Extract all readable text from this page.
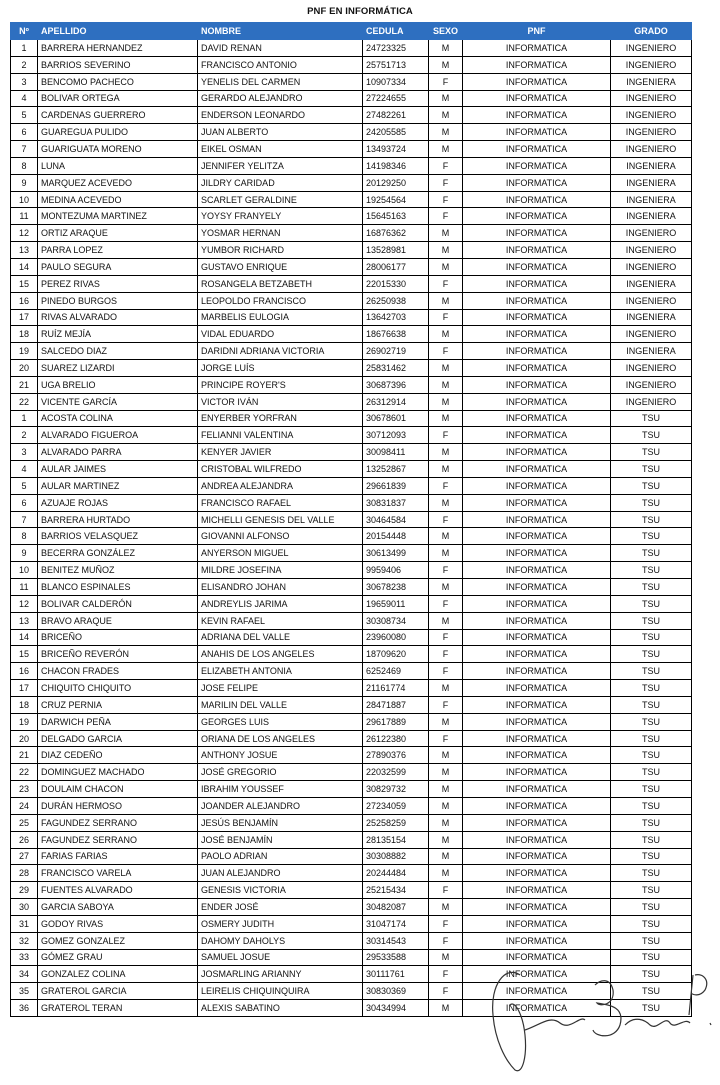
PNF EN INFORMÁTICA
Nº	APELLIDO	NOMBRE	CEDULA	SEXO	PNF	GRADO
1	BARRERA HERNANDEZ	DAVID RENAN	24723325	M	INFORMATICA	INGENIERO
2	BARRIOS SEVERINO	FRANCISCO ANTONIO	25751713	M	INFORMATICA	INGENIERO
3	BENCOMO PACHECO	YENELIS DEL CARMEN	10907334	F	INFORMATICA	INGENIERA
4	BOLIVAR ORTEGA	GERARDO ALEJANDRO	27224655	M	INFORMATICA	INGENIERO
5	CARDENAS GUERRERO	ENDERSON LEONARDO	27482261	M	INFORMATICA	INGENIERO
6	GUAREGUA PULIDO	JUAN ALBERTO	24205585	M	INFORMATICA	INGENIERO
7	GUARIGUATA MORENO	EIKEL OSMAN	13493724	M	INFORMATICA	INGENIERO
8	LUNA	JENNIFER YELITZA	14198346	F	INFORMATICA	INGENIERA
9	MARQUEZ ACEVEDO	JILDRY CARIDAD	20129250	F	INFORMATICA	INGENIERA
10	MEDINA ACEVEDO	SCARLET GERALDINE	19254564	F	INFORMATICA	INGENIERA
11	MONTEZUMA MARTINEZ	YOYSY FRANYELY	15645163	F	INFORMATICA	INGENIERA
12	ORTIZ ARAQUE	YOSMAR HERNAN	16876362	M	INFORMATICA	INGENIERO
13	PARRA LOPEZ	YUMBOR RICHARD	13528981	M	INFORMATICA	INGENIERO
14	PAULO SEGURA	GUSTAVO ENRIQUE	28006177	M	INFORMATICA	INGENIERO
15	PEREZ RIVAS	ROSANGELA BETZABETH	22015330	F	INFORMATICA	INGENIERA
16	PINEDO BURGOS	LEOPOLDO FRANCISCO	26250938	M	INFORMATICA	INGENIERO
17	RIVAS ALVARADO	MARBELIS EULOGIA	13642703	F	INFORMATICA	INGENIERA
18	RUÍZ MEJÍA	VIDAL EDUARDO	18676638	M	INFORMATICA	INGENIERO
19	SALCEDO DIAZ	DARIDNI ADRIANA VICTORIA	26902719	F	INFORMATICA	INGENIERA
20	SUAREZ LIZARDI	JORGE LUÍS	25831462	M	INFORMATICA	INGENIERO
21	UGA BRELIO	PRINCIPE ROYER'S	30687396	M	INFORMATICA	INGENIERO
22	VICENTE GARCÍA	VICTOR IVÁN	26312914	M	INFORMATICA	INGENIERO
1	ACOSTA COLINA	ENYERBER YORFRAN	30678601	M	INFORMATICA	TSU
2	ALVARADO FIGUEROA	FELIANNI VALENTINA	30712093	F	INFORMATICA	TSU
3	ALVARADO PARRA	KENYER JAVIER	30098411	M	INFORMATICA	TSU
4	AULAR JAIMES	CRISTOBAL WILFREDO	13252867	M	INFORMATICA	TSU
5	AULAR MARTINEZ	ANDREA ALEJANDRA	29661839	F	INFORMATICA	TSU
6	AZUAJE ROJAS	FRANCISCO RAFAEL	30831837	M	INFORMATICA	TSU
7	BARRERA HURTADO	MICHELLI GENESIS DEL VALLE	30464584	F	INFORMATICA	TSU
8	BARRIOS VELASQUEZ	GIOVANNI ALFONSO	20154448	M	INFORMATICA	TSU
9	BECERRA GONZÁLEZ	ANYERSON MIGUEL	30613499	M	INFORMATICA	TSU
10	BENITEZ MUÑOZ	MILDRE JOSEFINA	9959406	F	INFORMATICA	TSU
11	BLANCO ESPINALES	ELISANDRO JOHAN	30678238	M	INFORMATICA	TSU
12	BOLIVAR CALDERÓN	ANDREYLIS JARIMA	19659011	F	INFORMATICA	TSU
13	BRAVO ARAQUE	KEVIN RAFAEL	30308734	M	INFORMATICA	TSU
14	BRICEÑO	ADRIANA DEL VALLE	23960080	F	INFORMATICA	TSU
15	BRICEÑO REVERÓN	ANAHIS DE LOS ANGELES	18709620	F	INFORMATICA	TSU
16	CHACON FRADES	ELIZABETH ANTONIA	6252469	F	INFORMATICA	TSU
17	CHIQUITO CHIQUITO	JOSE FELIPE	21161774	M	INFORMATICA	TSU
18	CRUZ PERNIA	MARILIN DEL VALLE	28471887	F	INFORMATICA	TSU
19	DARWICH PEÑA	GEORGES LUIS	29617889	M	INFORMATICA	TSU
20	DELGADO GARCIA	ORIANA DE LOS ANGELES	26122380	F	INFORMATICA	TSU
21	DIAZ CEDEÑO	ANTHONY JOSUE	27890376	M	INFORMATICA	TSU
22	DOMINGUEZ MACHADO	JOSÉ GREGORIO	22032599	M	INFORMATICA	TSU
23	DOULAIM CHACON	IBRAHIM YOUSSEF	30829732	M	INFORMATICA	TSU
24	DURÁN HERMOSO	JOANDER ALEJANDRO	27234059	M	INFORMATICA	TSU
25	FAGUNDEZ SERRANO	JESÚS BENJAMÍN	25258259	M	INFORMATICA	TSU
26	FAGUNDEZ SERRANO	JOSÉ BENJAMÍN	28135154	M	INFORMATICA	TSU
27	FARIAS FARIAS	PAOLO ADRIAN	30308882	M	INFORMATICA	TSU
28	FRANCISCO VARELA	JUAN ALEJANDRO	20244484	M	INFORMATICA	TSU
29	FUENTES ALVARADO	GENESIS VICTORIA	25215434	F	INFORMATICA	TSU
30	GARCIA SABOYA	ENDER JOSÉ	30482087	M	INFORMATICA	TSU
31	GODOY RIVAS	OSMERY JUDITH	31047174	F	INFORMATICA	TSU
32	GOMEZ GONZALEZ	DAHOMY DAHOLYS	30314543	F	INFORMATICA	TSU
33	GÓMEZ GRAU	SAMUEL JOSUE	29533588	M	INFORMATICA	TSU
34	GONZALEZ COLINA	JOSMARLING ARIANNY	30111761	F	INFORMATICA	TSU
35	GRATEROL GARCIA	LEIRELIS CHIQUINQUIRA	30830369	F	INFORMATICA	TSU
36	GRATEROL TERAN	ALEXIS SABATINO	30434994	M	INFORMATICA	TSU
